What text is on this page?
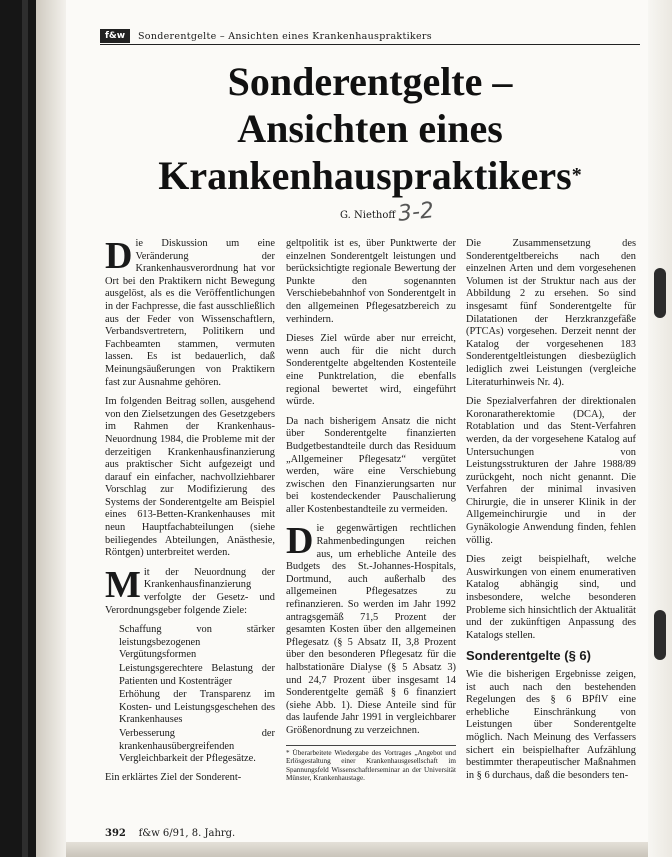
f&w	Sonderentgelte – Ansichten eines Krankenhauspraktikers
Sonderentgelte –
Ansichten eines
Krankenhauspraktikers*
G. Niethoff 3-2

Die Diskussion um eine Veränderung der Krankenhausverordnung hat vor Ort bei den Praktikern nicht Bewegung ausgelöst, als es die Veröffentlichungen in der Fachpresse, die fast ausschließlich aus der Feder von Wissenschaftlern, Verbandsvertretern, Politikern und Fachbeamten stammen, vermuten lassen. Es ist bedauerlich, daß Meinungsäußerungen von Praktikern fast zur Ausnahme gehören.

Im folgenden Beitrag sollen, ausgehend von den Zielsetzungen des Gesetzgebers im Rahmen der Krankenhaus-Neuordnung 1984, die Probleme mit der derzeitigen Krankenhausfinanzierung aus praktischer Sicht aufgezeigt und darauf ein einfacher, nachvollziehbarer Vorschlag zur Modifizierung des Systems der Sonderentgelte am Beispiel eines 613-Betten-Krankenhauses mit neun Hauptfachabteilungen (siehe beiliegendes Abteilungen, Anästhesie, Röntgen) unterbreitet werden.

Mit der Neuordnung der Krankenhausfinanzierung verfolgte der Gesetz- und Verordnungsgeber folgende Ziele:

Schaffung von stärker leistungsbezogenen Vergütungsformen
Leistungsgerechtere Belastung der Patienten und Kostenträger
Erhöhung der Transparenz im Kosten- und Leistungsgeschehen des Krankenhauses
Verbesserung der krankenhausübergreifenden Vergleichbarkeit der Pflegesätze.

Ein erklärtes Ziel der Sonderent-

geltpolitik ist es, über Punktwerte der einzelnen Sonderentgelt leistungen und berücksichtigte regionale Bewertung der Punkte den sogenannten Verschiebebahnhof von Sonderentgelt in den allgemeinen Pflegesatzbereich zu verhindern.

Dieses Ziel würde aber nur erreicht, wenn auch für die nicht durch Sonderentgelte abgeltenden Kostenteile eine Punktrelation, die ebenfalls regional bewertet wird, eingeführt würde.

Da nach bisherigem Ansatz die nicht über Sonderentgelte finanzierten Budgetbestandteile durch das Residuum „Allgemeiner Pflegesatz“ vergütet werden, wäre eine Verschiebung zwischen den Finanzierungsarten nur bei kostendeckender Pauschalierung aller Kostenbestandteile zu vermeiden.

Die gegenwärtigen rechtlichen Rahmenbedingungen reichen aus, um erhebliche Anteile des Budgets des St.-Johannes-Hospitals, Dortmund, auch außerhalb des allgemeinen Pflegesatzes zu refinanzieren. So werden im Jahr 1992 antragsgemäß 71,5 Prozent der gesamten Kosten über den allgemeinen Pflegesatz (§ 5 Absatz II, 3,8 Prozent über den besonderen Pflegesatz für die halbstationäre Dialyse (§ 5 Absatz 3) und 24,7 Prozent über insgesamt 14 Sonderentgelte gemäß § 6 finanziert (siehe Abb. 1). Diese Anteile sind für das laufende Jahr 1991 in vergleichbarer Größenordnung zu verzeichnen.

* Überarbeitete Wiedergabe des Vortrages „Angebot und Erlösgestaltung einer Krankenhausgesellschaft im Spannungsfeld Wissenschaftlerseminar an der Universität Münster, Krankenhaustage.

Die Zusammensetzung des Sonderentgeltbereichs nach den einzelnen Arten und dem vorgesehenen Volumen ist der Struktur nach aus der Abbildung 2 zu ersehen. So sind insgesamt fünf Sonderentgelte für Dilatationen der Herzkranzgefäße (PTCAs) vorgesehen. Derzeit nennt der Katalog der vorgesehenen 183 Sonderentgeltleistungen diesbezüglich lediglich zwei Leistungen (vergleiche Literaturhinweis Nr. 4).

Die Spezialverfahren der direktionalen Koronaratherektomie (DCA), der Rotablation und das Stent-Verfahren werden, da der vorgesehene Katalog auf Untersuchungen von Leistungsstrukturen der Jahre 1988/89 zurückgeht, noch nicht genannt. Die Verfahren der minimal invasiven Chirurgie, die in unserer Klinik in der Allgemeinchirurgie und in der Gynäkologie Anwendung finden, fehlen völlig.

Dies zeigt beispielhaft, welche Auswirkungen von einem enumerativen Katalog abhängig sind, und insbesondere, welche besonderen Probleme sich hinsichtlich der Aktualität und der zukünftigen Anpassung des Katalogs stellen.

Sonderentgelte (§ 6)

Wie die bisherigen Ergebnisse zeigen, ist auch nach den bestehenden Regelungen des § 6 BPflV eine erhebliche Einschränkung von Leistungen über Sonderentgelte möglich. Nach Meinung des Verfassers sichert ein beispielhafter Aufzählung bestimmter therapeutischer Maßnahmen in § 6 durchaus, daß die besonders ten-

392 f&w 6/91, 8. Jahrg.
